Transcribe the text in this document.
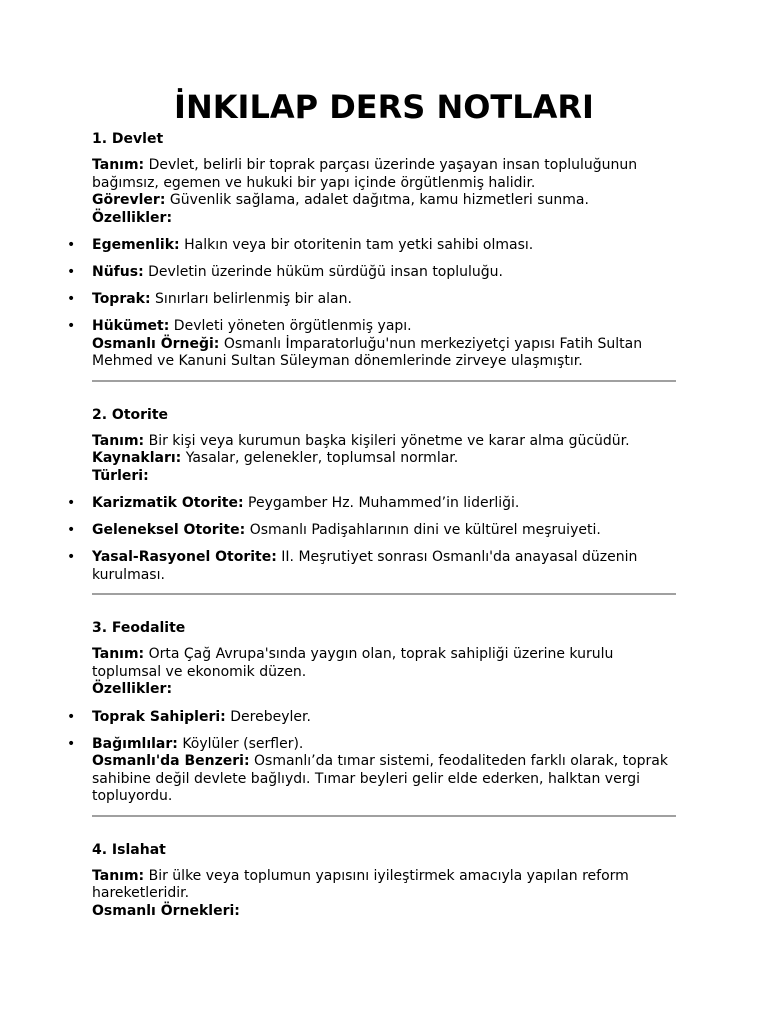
İNKILAP DERS NOTLARI
1. Devlet

Tanım: Devlet, belirli bir toprak parçası üzerinde yaşayan insan topluluğunun bağımsız, egemen ve hukuki bir yapı içinde örgütlenmiş halidir.

Görevler: Güvenlik sağlama, adalet dağıtma, kamu hizmetleri sunma.

Özellikler:

• Egemenlik: Halkın veya bir otoritenin tam yetki sahibi olması.
• Nüfus: Devletin üzerinde hüküm sürdüğü insan topluluğu.
• Toprak: Sınırları belirlenmiş bir alan.
• Hükümet: Devleti yöneten örgütlenmiş yapı.
Osmanlı Örneği: Osmanlı İmparatorluğu'nun merkeziyetçi yapısı Fatih Sultan Mehmed ve Kanuni Sultan Süleyman dönemlerinde zirveye ulaşmıştır.
2. Otorite

Tanım: Bir kişi veya kurumun başka kişileri yönetme ve karar alma gücüdür.

Kaynakları: Yasalar, gelenekler, toplumsal normlar.

Türleri:

• Karizmatik Otorite: Peygamber Hz. Muhammed’in liderliği.
• Geleneksel Otorite: Osmanlı Padişahlarının dini ve kültürel meşruiyeti.
• Yasal-Rasyonel Otorite: II. Meşrutiyet sonrası Osmanlı'da anayasal düzenin kurulması.
3. Feodalite

Tanım: Orta Çağ Avrupa'sında yaygın olan, toprak sahipliği üzerine kurulu toplumsal ve ekonomik düzen.

Özellikler:

• Toprak Sahipleri: Derebeyler.
• Bağımlılar: Köylüler (serfler).
Osmanlı'da Benzeri: Osmanlı’da tımar sistemi, feodaliteden farklı olarak, toprak sahibine değil devlete bağlıydı. Tımar beyleri gelir elde ederken, halktan vergi topluyordu.
4. Islahat

Tanım: Bir ülke veya toplumun yapısını iyileştirmek amacıyla yapılan reform hareketleridir.

Osmanlı Örnekleri:
